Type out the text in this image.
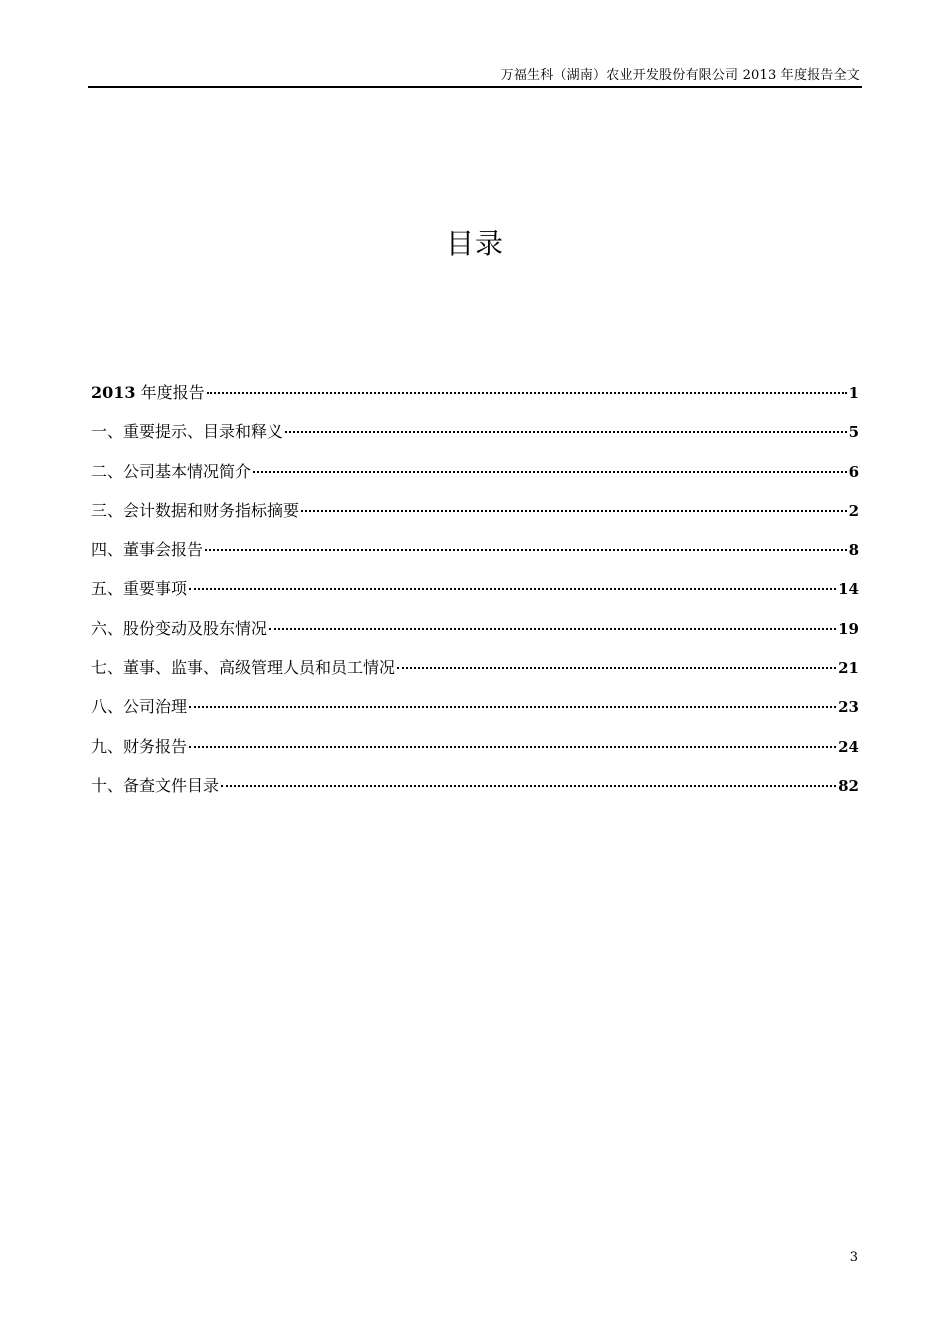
万福生科（湖南）农业开发股份有限公司 2013 年度报告全文
目录
2013 年度报告	1
一、重要提示、目录和释义	5
二、公司基本情况简介	6
三、会计数据和财务指标摘要	2
四、董事会报告	8
五、重要事项	14
六、股份变动及股东情况	19
七、董事、监事、高级管理人员和员工情况	21
八、公司治理	23
九、财务报告	24
十、备查文件目录	82
3
